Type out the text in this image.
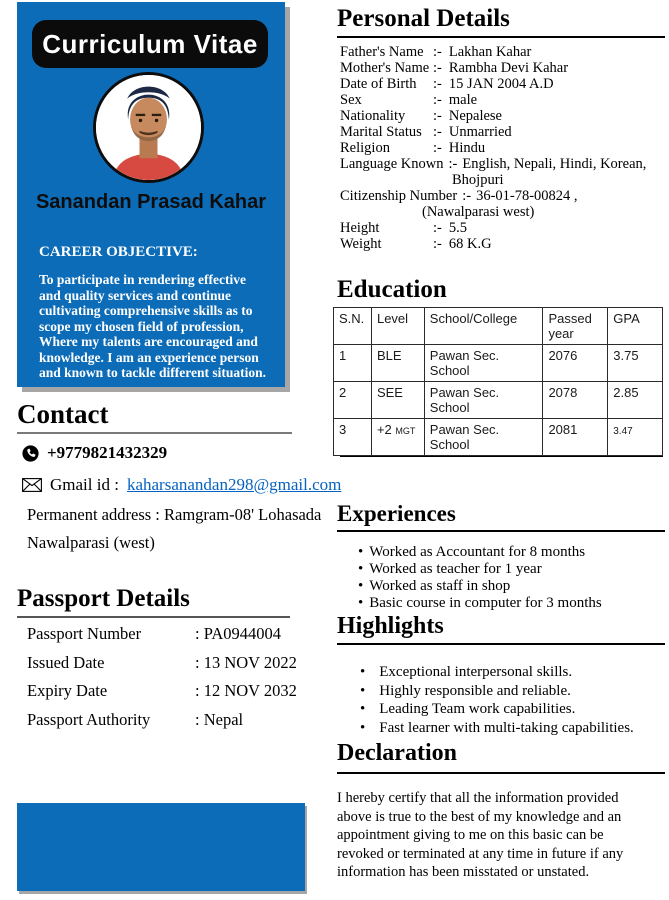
Curriculum Vitae
Sanandan Prasad Kahar
CAREER OBJECTIVE:
To participate in rendering effective
and quality services and continue
cultivating comprehensive skills as to
scope my chosen field of profession,
Where my talents are encouraged and
knowledge. I am an experience person
and known to tackle different situation.
Contact
+9779821432329
Gmail id : kaharsanandan298@gmail.com
Permanent address : Ramgram-08' Lohasada
Nawalparasi (west)
Passport Details
Passport Number	: PA0944004
Issued Date	: 13 NOV 2022
Expiry Date	: 12 NOV 2032
Passport Authority	: Nepal
Personal Details
Father's Name :- Lakhan Kahar
Mother's Name :- Rambha Devi Kahar
Date of Birth	:- 15 JAN 2004 A.D
Sex	:- male
Nationality	:- Nepalese
Marital Status :- Unmarried
Religion	:- Hindu
Language Known :- English, Nepali, Hindi, Korean,
Bhojpuri
Citizenship Number :- 36-01-78-00824 ,
(Nawalparasi west)
Height	:- 5.5
Weight	:- 68 K.G
Education
S.N.	Level	School/College	Passed year	GPA
1	BLE	Pawan Sec. School	2076	3.75
2	SEE	Pawan Sec. School	2078	2.85
3	+2 MGT	Pawan Sec. School	2081	3.47
Experiences
• Worked as Accountant for 8 months
• Worked as teacher for 1 year
• Worked as staff in shop
• Basic course in computer for 3 months
Highlights
• Exceptional interpersonal skills.
• Highly responsible and reliable.
• Leading Team work capabilities.
• Fast learner with multi-taking capabilities.
Declaration
I hereby certify that all the information provided
above is true to the best of my knowledge and an
appointment giving to me on this basic can be
revoked or terminated at any time in future if any
information has been misstated or unstated.
